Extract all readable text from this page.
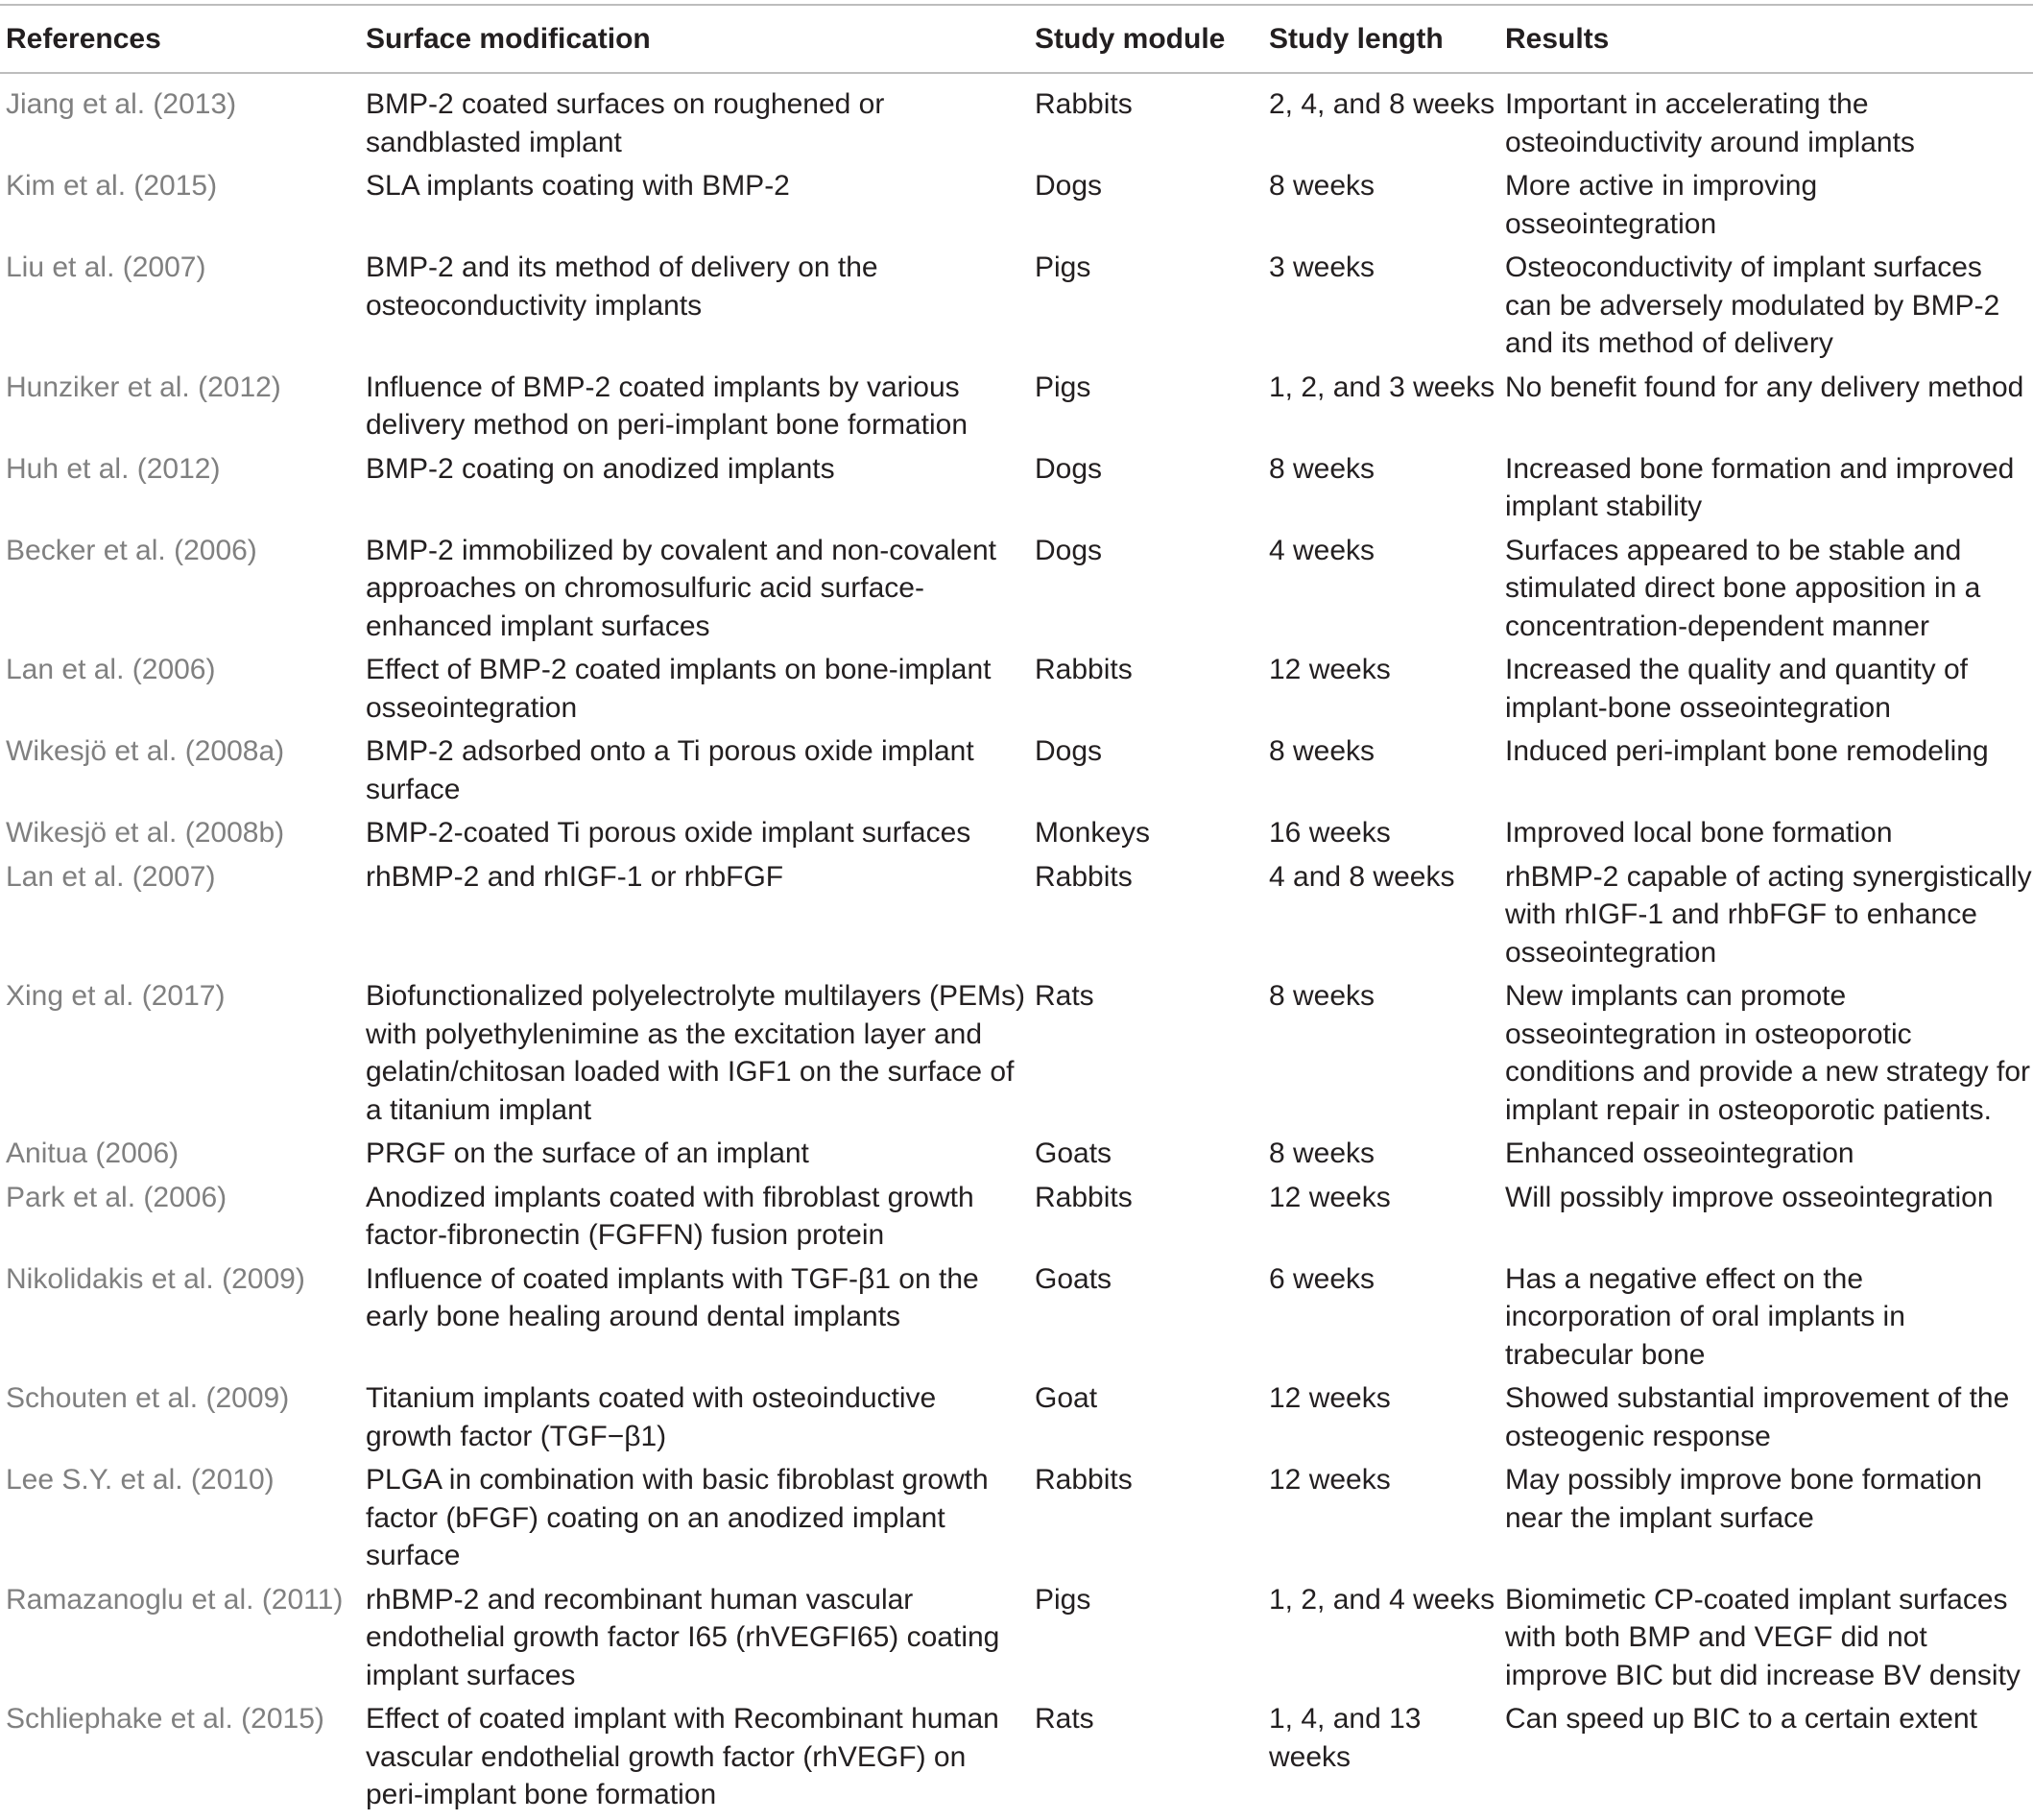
References	Surface modification	Study module	Study length	Results
Jiang et al. (2013)	BMP-2 coated surfaces on roughened or sandblasted implant	Rabbits	2, 4, and 8 weeks	Important in accelerating the osteoinductivity around implants
Kim et al. (2015)	SLA implants coating with BMP-2	Dogs	8 weeks	More active in improving osseointegration
Liu et al. (2007)	BMP-2 and its method of delivery on the osteoconductivity implants	Pigs	3 weeks	Osteoconductivity of implant surfaces can be adversely modulated by BMP-2 and its method of delivery
Hunziker et al. (2012)	Influence of BMP-2 coated implants by various delivery method on peri-implant bone formation	Pigs	1, 2, and 3 weeks	No benefit found for any delivery method
Huh et al. (2012)	BMP-2 coating on anodized implants	Dogs	8 weeks	Increased bone formation and improved implant stability
Becker et al. (2006)	BMP-2 immobilized by covalent and non-covalent approaches on chromosulfuric acid surface-enhanced implant surfaces	Dogs	4 weeks	Surfaces appeared to be stable and stimulated direct bone apposition in a concentration-dependent manner
Lan et al. (2006)	Effect of BMP-2 coated implants on bone-implant osseointegration	Rabbits	12 weeks	Increased the quality and quantity of implant-bone osseointegration
Wikesjö et al. (2008a)	BMP-2 adsorbed onto a Ti porous oxide implant surface	Dogs	8 weeks	Induced peri-implant bone remodeling
Wikesjö et al. (2008b)	BMP-2-coated Ti porous oxide implant surfaces	Monkeys	16 weeks	Improved local bone formation
Lan et al. (2007)	rhBMP-2 and rhIGF-1 or rhbFGF	Rabbits	4 and 8 weeks	rhBMP-2 capable of acting synergistically with rhIGF-1 and rhbFGF to enhance osseointegration
Xing et al. (2017)	Biofunctionalized polyelectrolyte multilayers (PEMs) with polyethylenimine as the excitation layer and gelatin/chitosan loaded with IGF1 on the surface of a titanium implant	Rats	8 weeks	New implants can promote osseointegration in osteoporotic conditions and provide a new strategy for implant repair in osteoporotic patients.
Anitua (2006)	PRGF on the surface of an implant	Goats	8 weeks	Enhanced osseointegration
Park et al. (2006)	Anodized implants coated with fibroblast growth factor-fibronectin (FGFFN) fusion protein	Rabbits	12 weeks	Will possibly improve osseointegration
Nikolidakis et al. (2009)	Influence of coated implants with TGF-β1 on the early bone healing around dental implants	Goats	6 weeks	Has a negative effect on the incorporation of oral implants in trabecular bone
Schouten et al. (2009)	Titanium implants coated with osteoinductive growth factor (TGF−β1)	Goat	12 weeks	Showed substantial improvement of the osteogenic response
Lee S.Y. et al. (2010)	PLGA in combination with basic fibroblast growth factor (bFGF) coating on an anodized implant surface	Rabbits	12 weeks	May possibly improve bone formation near the implant surface
Ramazanoglu et al. (2011)	rhBMP-2 and recombinant human vascular endothelial growth factor I65 (rhVEGFI65) coating implant surfaces	Pigs	1, 2, and 4 weeks	Biomimetic CP-coated implant surfaces with both BMP and VEGF did not improve BIC but did increase BV density
Schliephake et al. (2015)	Effect of coated implant with Recombinant human vascular endothelial growth factor (rhVEGF) on peri-implant bone formation	Rats	1, 4, and 13 weeks	Can speed up BIC to a certain extent
